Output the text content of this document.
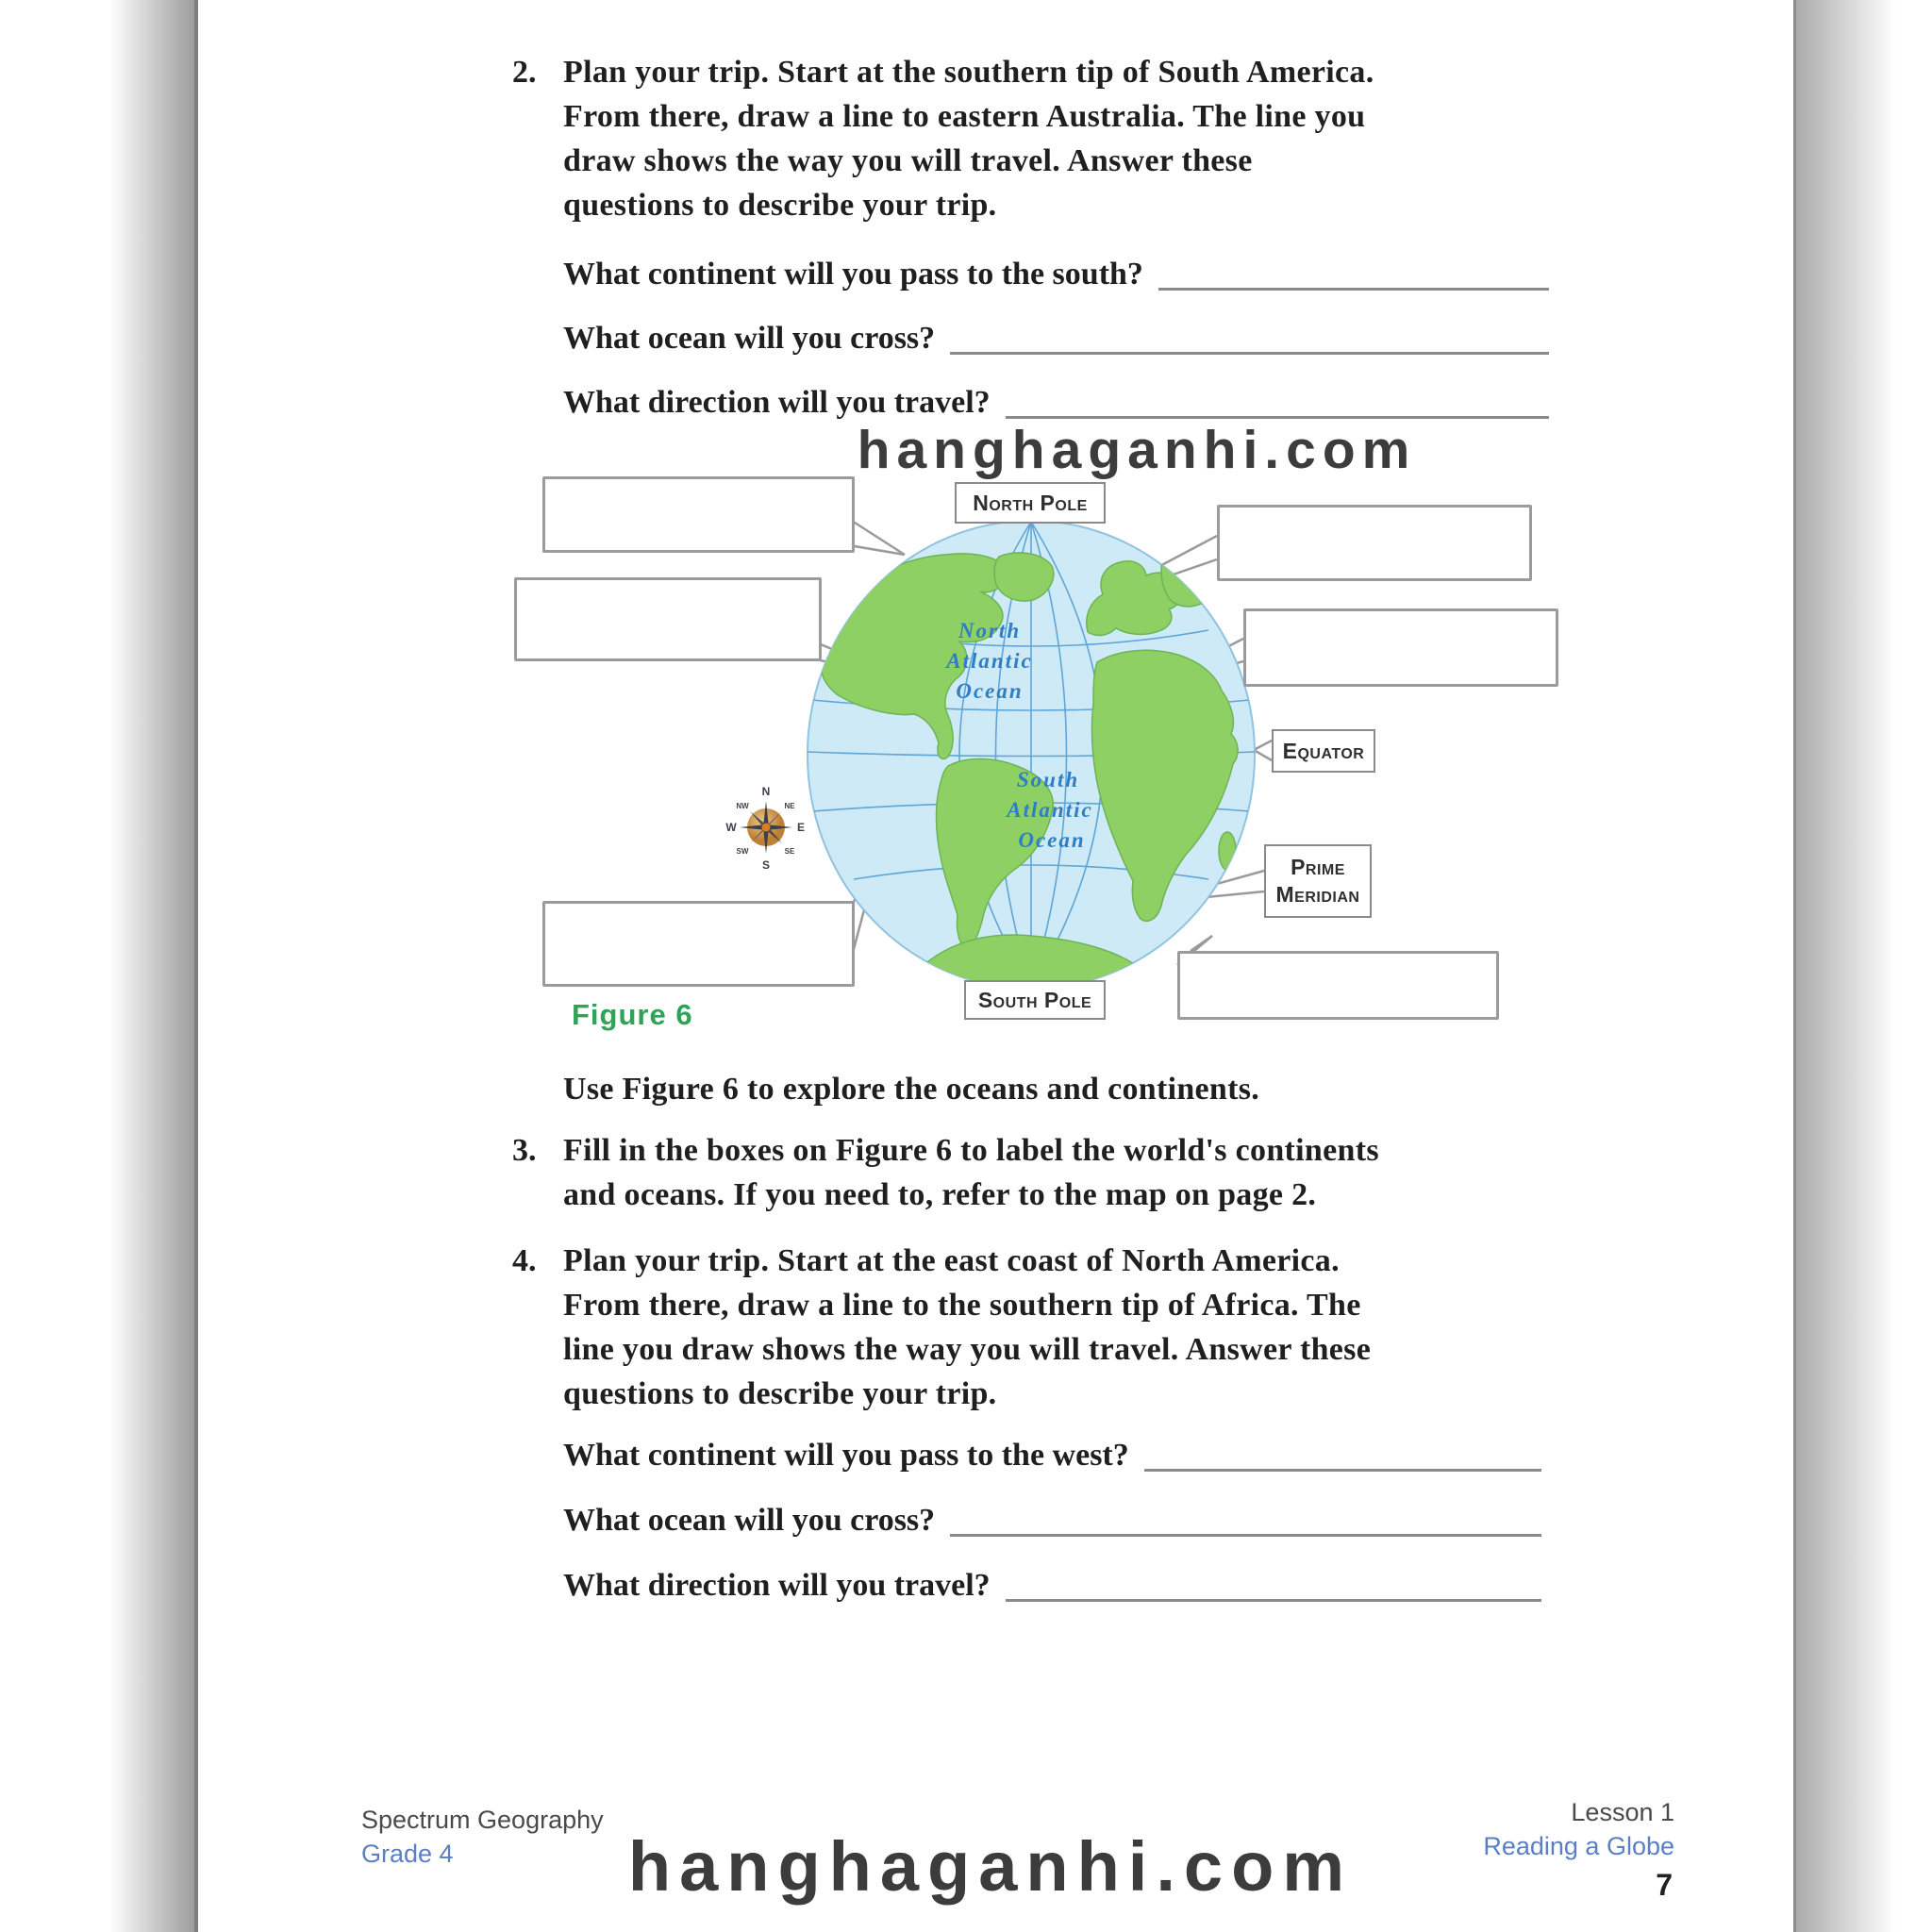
2. Plan your trip. Start at the southern tip of South America.
From there, draw a line to eastern Australia. The line you
draw shows the way you will travel. Answer these
questions to describe your trip.
What continent will you pass to the south?
What ocean will you cross?
What direction will you travel?
hanghaganhi.com
North
Atlantic
Ocean
South
Atlantic
Ocean
N
S
W	E
NW	NE
SW	SE
North Pole
South Pole
Equator
Prime
Meridian
Figure 6
Use Figure 6 to explore the oceans and continents.
3. Fill in the boxes on Figure 6 to label the world's continents
and oceans. If you need to, refer to the map on page 2.
4. Plan your trip. Start at the east coast of North America.
From there, draw a line to the southern tip of Africa. The
line you draw shows the way you will travel. Answer these
questions to describe your trip.
What continent will you pass to the west?
What ocean will you cross?
What direction will you travel?
Spectrum Geography
Grade 4
Lesson 1
Reading a Globe
7
hanghaganhi.com
